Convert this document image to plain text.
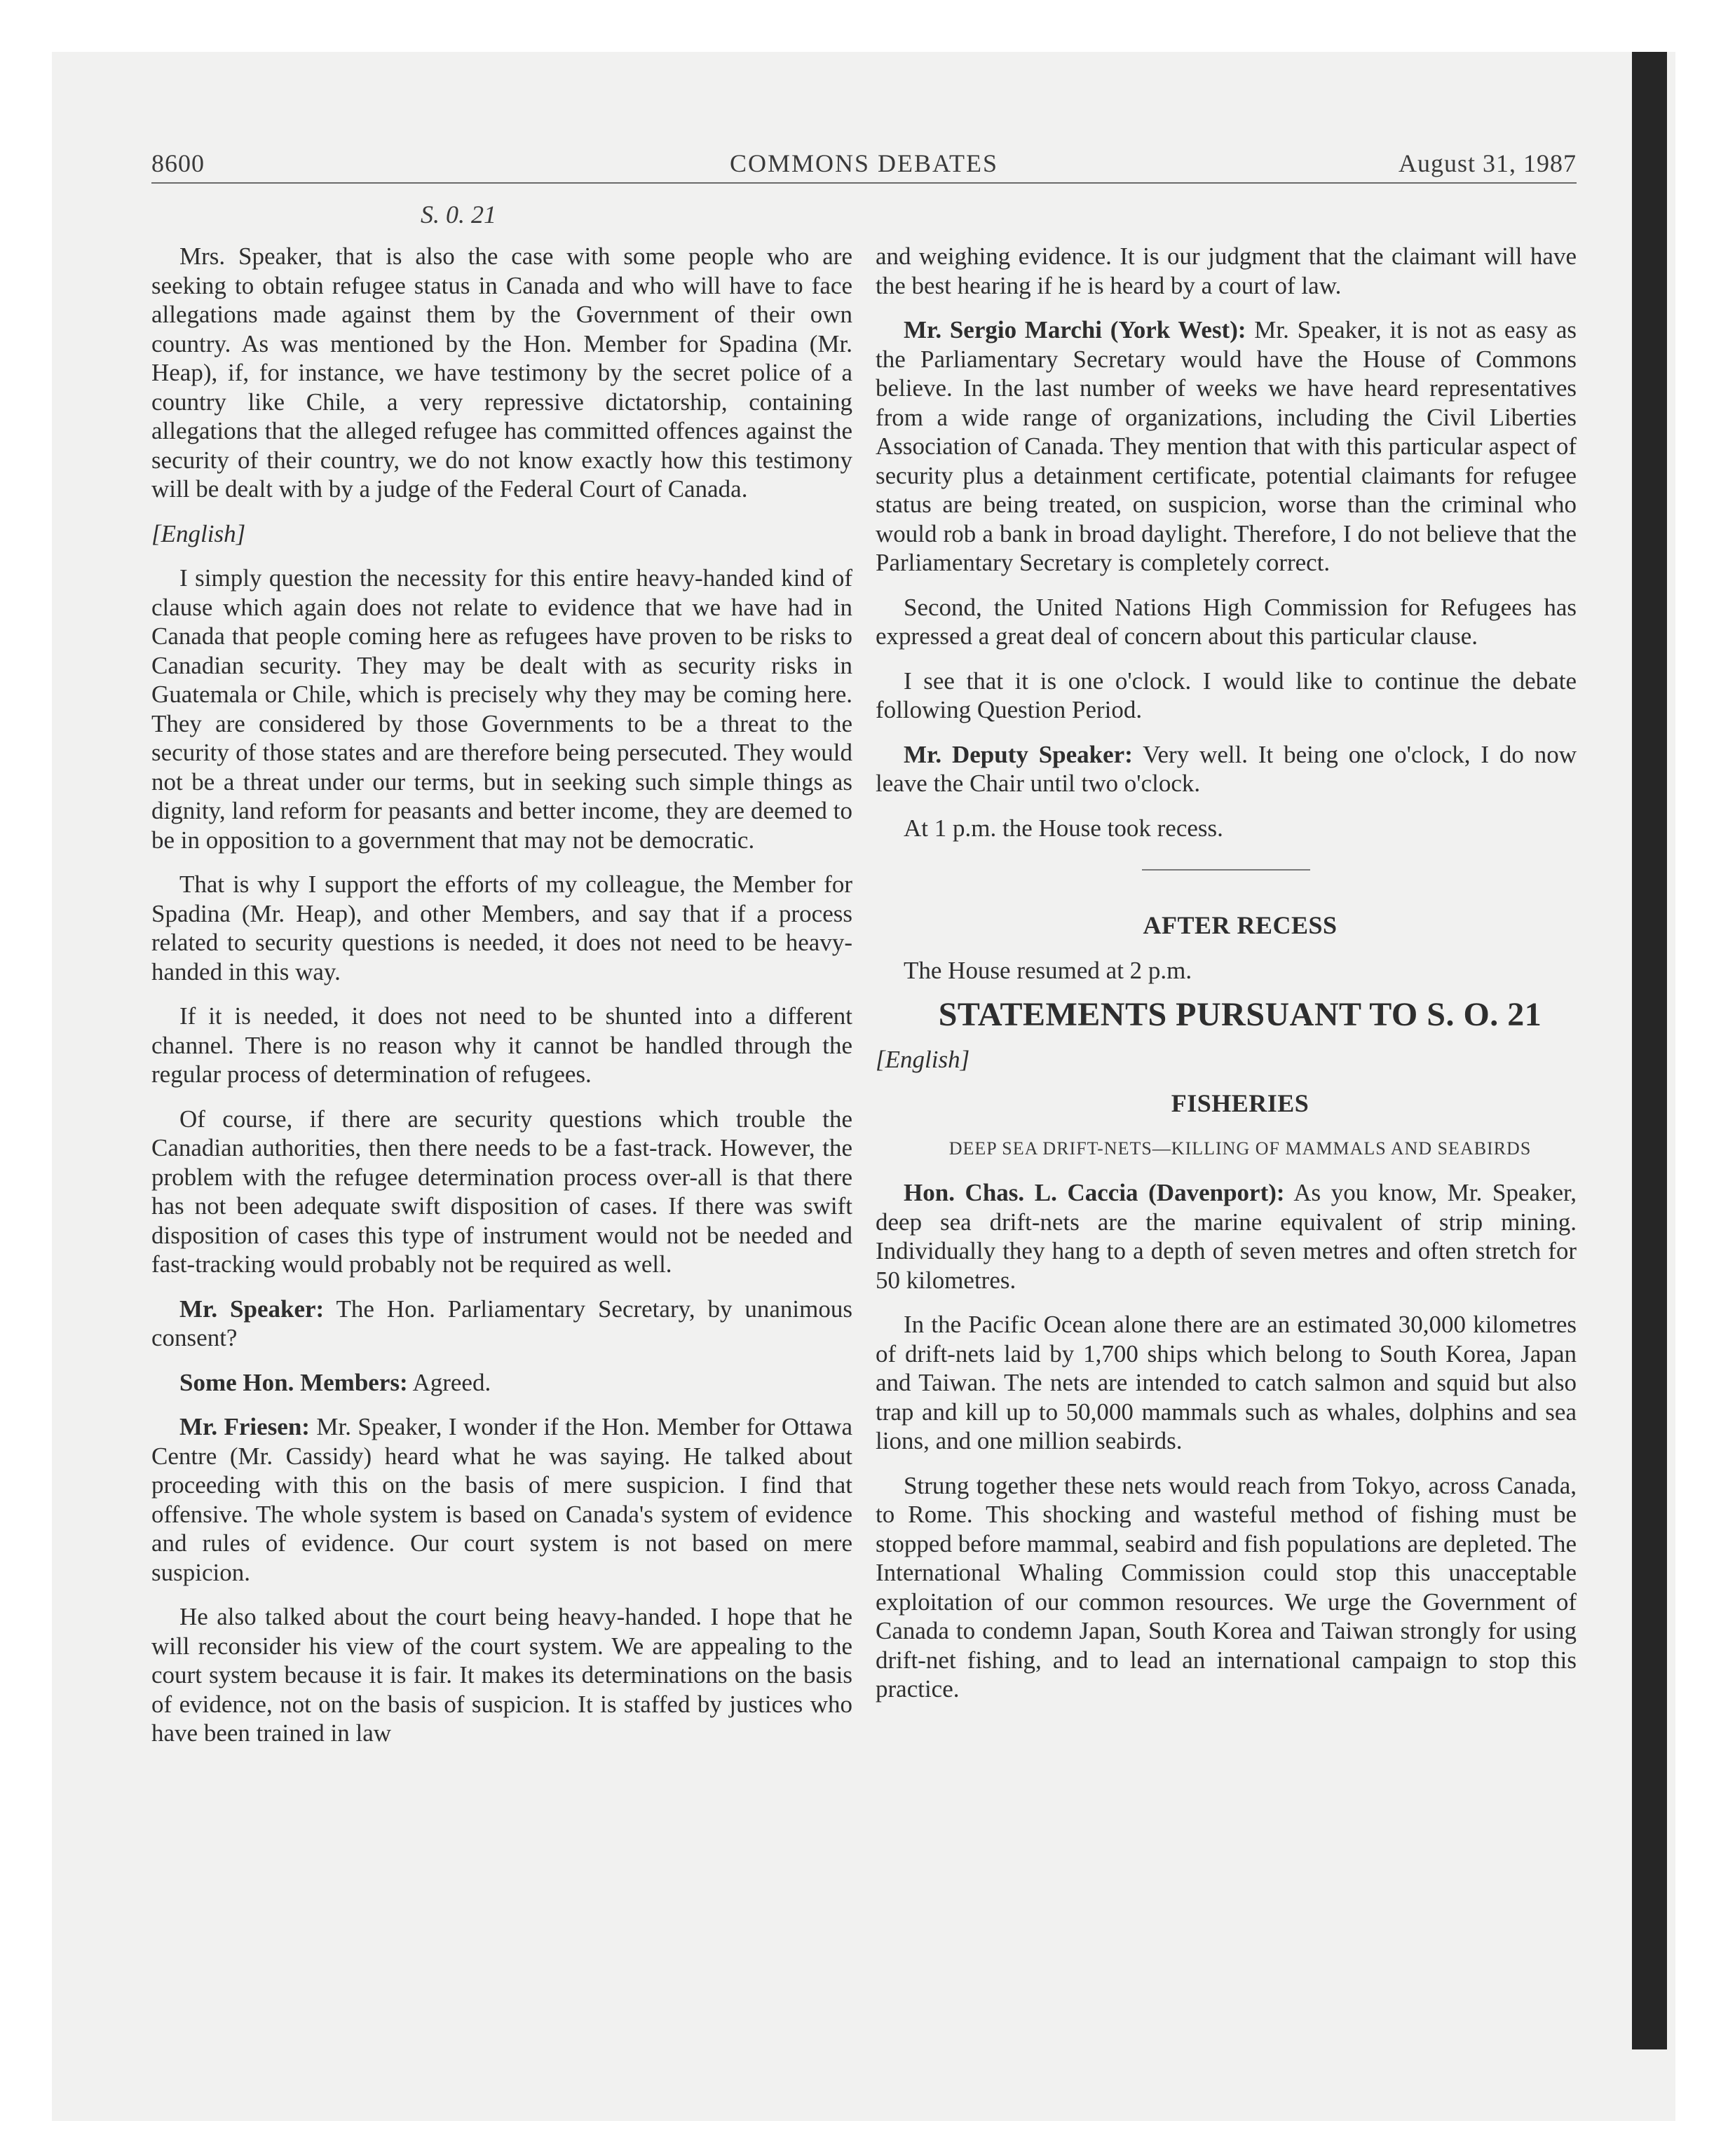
8600	COMMONS DEBATES	August 31, 1987
S. 0. 21

Mrs. Speaker, that is also the case with some people who are seeking to obtain refugee status in Canada and who will have to face allegations made against them by the Government of their own country. As was mentioned by the Hon. Member for Spadina (Mr. Heap), if, for instance, we have testimony by the secret police of a country like Chile, a very repressive dictatorship, containing allegations that the alleged refugee has committed offences against the security of their country, we do not know exactly how this testimony will be dealt with by a judge of the Federal Court of Canada.

[English]

I simply question the necessity for this entire heavy-handed kind of clause which again does not relate to evidence that we have had in Canada that people coming here as refugees have proven to be risks to Canadian security. They may be dealt with as security risks in Guatemala or Chile, which is precisely why they may be coming here. They are considered by those Governments to be a threat to the security of those states and are therefore being persecuted. They would not be a threat under our terms, but in seeking such simple things as dignity, land reform for peasants and better income, they are deemed to be in opposition to a government that may not be democratic.

That is why I support the efforts of my colleague, the Member for Spadina (Mr. Heap), and other Members, and say that if a process related to security questions is needed, it does not need to be heavy-handed in this way.

If it is needed, it does not need to be shunted into a different channel. There is no reason why it cannot be handled through the regular process of determination of refugees.

Of course, if there are security questions which trouble the Canadian authorities, then there needs to be a fast-track. However, the problem with the refugee determination process over-all is that there has not been adequate swift disposition of cases. If there was swift disposition of cases this type of instrument would not be needed and fast-tracking would probably not be required as well.

Mr. Speaker: The Hon. Parliamentary Secretary, by unanimous consent?

Some Hon. Members: Agreed.

Mr. Friesen: Mr. Speaker, I wonder if the Hon. Member for Ottawa Centre (Mr. Cassidy) heard what he was saying. He talked about proceeding with this on the basis of mere suspicion. I find that offensive. The whole system is based on Canada's system of evidence and rules of evidence. Our court system is not based on mere suspicion.

He also talked about the court being heavy-handed. I hope that he will reconsider his view of the court system. We are appealing to the court system because it is fair. It makes its determinations on the basis of evidence, not on the basis of suspicion. It is staffed by justices who have been trained in law

and weighing evidence. It is our judgment that the claimant will have the best hearing if he is heard by a court of law.

Mr. Sergio Marchi (York West): Mr. Speaker, it is not as easy as the Parliamentary Secretary would have the House of Commons believe. In the last number of weeks we have heard representatives from a wide range of organizations, including the Civil Liberties Association of Canada. They mention that with this particular aspect of security plus a detainment certificate, potential claimants for refugee status are being treated, on suspicion, worse than the criminal who would rob a bank in broad daylight. Therefore, I do not believe that the Parliamentary Secretary is completely correct.

Second, the United Nations High Commission for Refugees has expressed a great deal of concern about this particular clause.

I see that it is one o'clock. I would like to continue the debate following Question Period.

Mr. Deputy Speaker: Very well. It being one o'clock, I do now leave the Chair until two o'clock.

At 1 p.m. the House took recess.

AFTER RECESS

The House resumed at 2 p.m.

STATEMENTS PURSUANT TO S. O. 21

[English]

FISHERIES

DEEP SEA DRIFT-NETS—KILLING OF MAMMALS AND SEABIRDS

Hon. Chas. L. Caccia (Davenport): As you know, Mr. Speaker, deep sea drift-nets are the marine equivalent of strip mining. Individually they hang to a depth of seven metres and often stretch for 50 kilometres.

In the Pacific Ocean alone there are an estimated 30,000 kilometres of drift-nets laid by 1,700 ships which belong to South Korea, Japan and Taiwan. The nets are intended to catch salmon and squid but also trap and kill up to 50,000 mammals such as whales, dolphins and sea lions, and one million seabirds.

Strung together these nets would reach from Tokyo, across Canada, to Rome. This shocking and wasteful method of fishing must be stopped before mammal, seabird and fish populations are depleted. The International Whaling Commission could stop this unacceptable exploitation of our common resources. We urge the Government of Canada to condemn Japan, South Korea and Taiwan strongly for using drift-net fishing, and to lead an international campaign to stop this practice.
